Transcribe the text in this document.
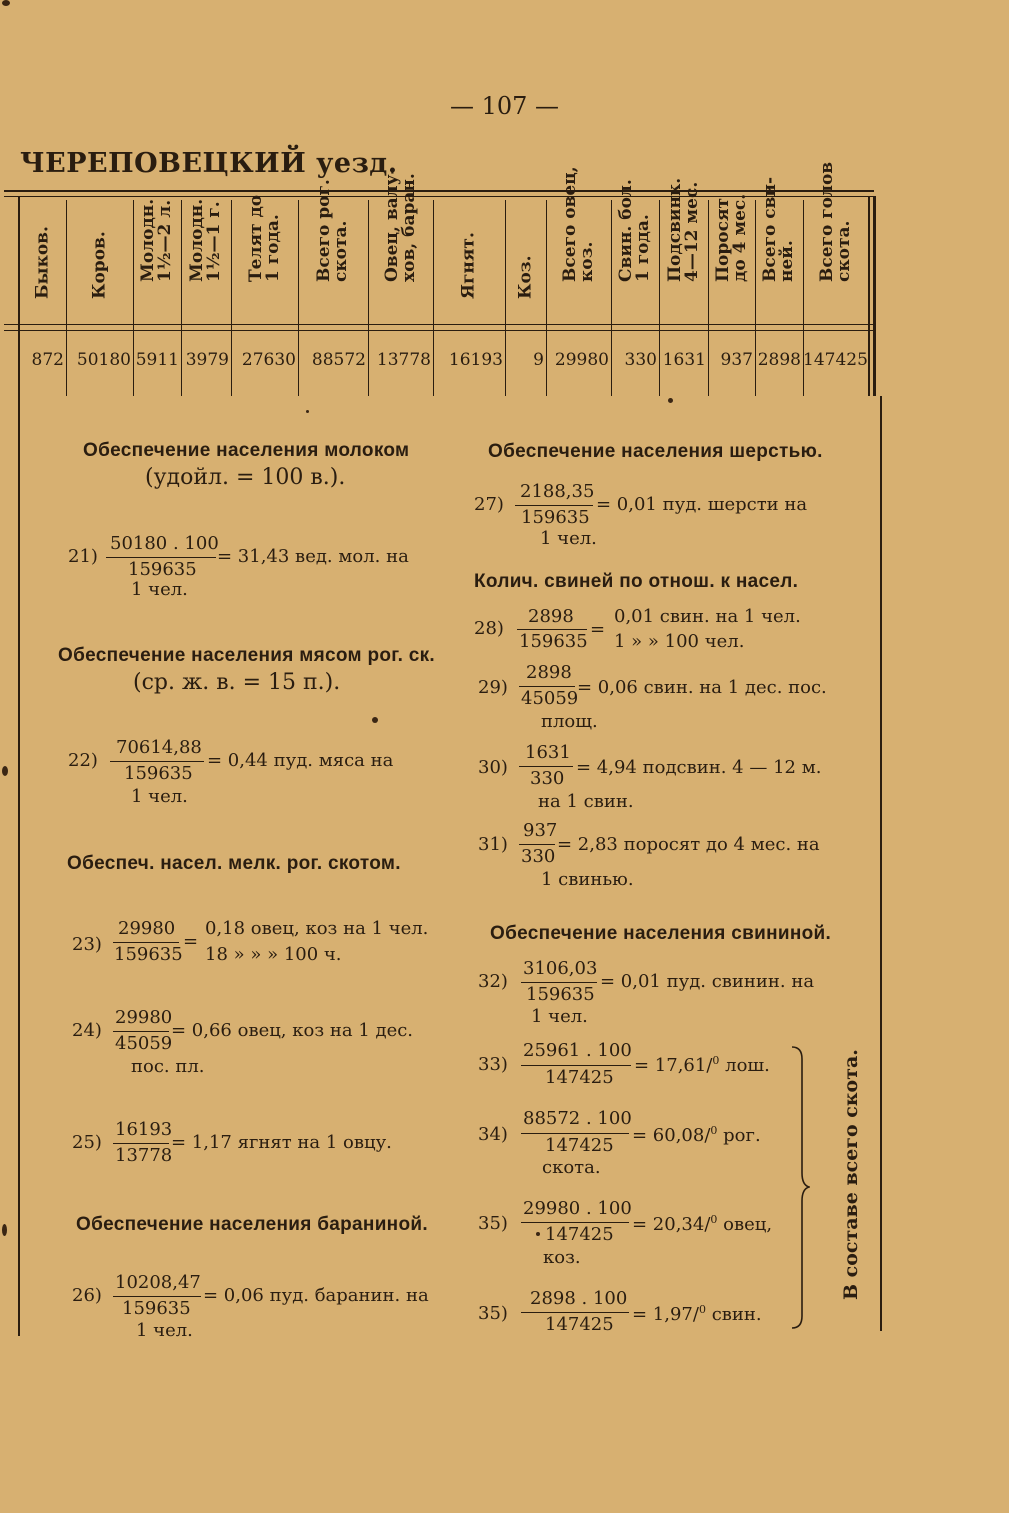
— 107 —
ЧЕРЕПОВЕЦКИЙ уезд.
Быков.
872
Коров.
50180
Молодн.
1½—2 л.
5911
Молодн.
1½—1 г.
3979
Телят до
1 года.
27630
Всего рог.
скота.
88572
Овец, валу-
хов, баран.
13778
Ягнят.
16193
Коз.
9
Всего овец,
коз.
29980
Свин. бол.
1 года.
330
Подсвинк.
4—12 мес.
1631
Поросят
до 4 мес.
937
Всего сви-
ней.
2898
Всего голов
скота.
147425
Обеспечение населения молоком
(удойл. = 100 в.).
21)
50180 . 100
159635
= 31,43 вед. мол. на
1 чел.
Обеспечение населения мясом рог. ск.
(ср. ж. в. = 15 п.).
22)
70614,88
159635
= 0,44 пуд. мяса на
1 чел.
Обеспеч. насел. мелк. рог. скотом.
23)
29980
159635
=
0,18 овец, коз на 1 чел.
18 » » » 100 ч.
24)
29980
45059
= 0,66 овец, коз на 1 дес.
пос. пл.
25)
16193
13778
= 1,17 ягнят на 1 овцу.
Обеспечение населения бараниной.
26)
10208,47
159635
= 0,06 пуд. баранин. на
1 чел.
Обеспечение населения шерстью.
27)
2188,35
159635
= 0,01 пуд. шерсти на
1 чел.
Колич. свиней по отнош. к насел.
28)
2898
159635
=
0,01 свин. на 1 чел.
1 » » 100 чел.
29)
2898
45059
= 0,06 свин. на 1 дес. пос.
площ.
30)
1631
330
= 4,94 подсвин. 4 — 12 м.
на 1 свин.
31)
937
330
= 2,83 поросят до 4 мес. на
1 свинью.
Обеспечение населения свининой.
32)
3106,03
159635
= 0,01 пуд. свинин. на
1 чел.
33)
25961 . 100
147425
= 17,61/$^0$ лош.
34)
88572 . 100
147425 = 60,08/$^0$ рог.
скота.
35)
29980 . 100
147425 = 20,34/$^0$ овец,
коз.
35)
2898 . 100
147425 = 1,97/$^0$ свин.
В составе всего скота.
